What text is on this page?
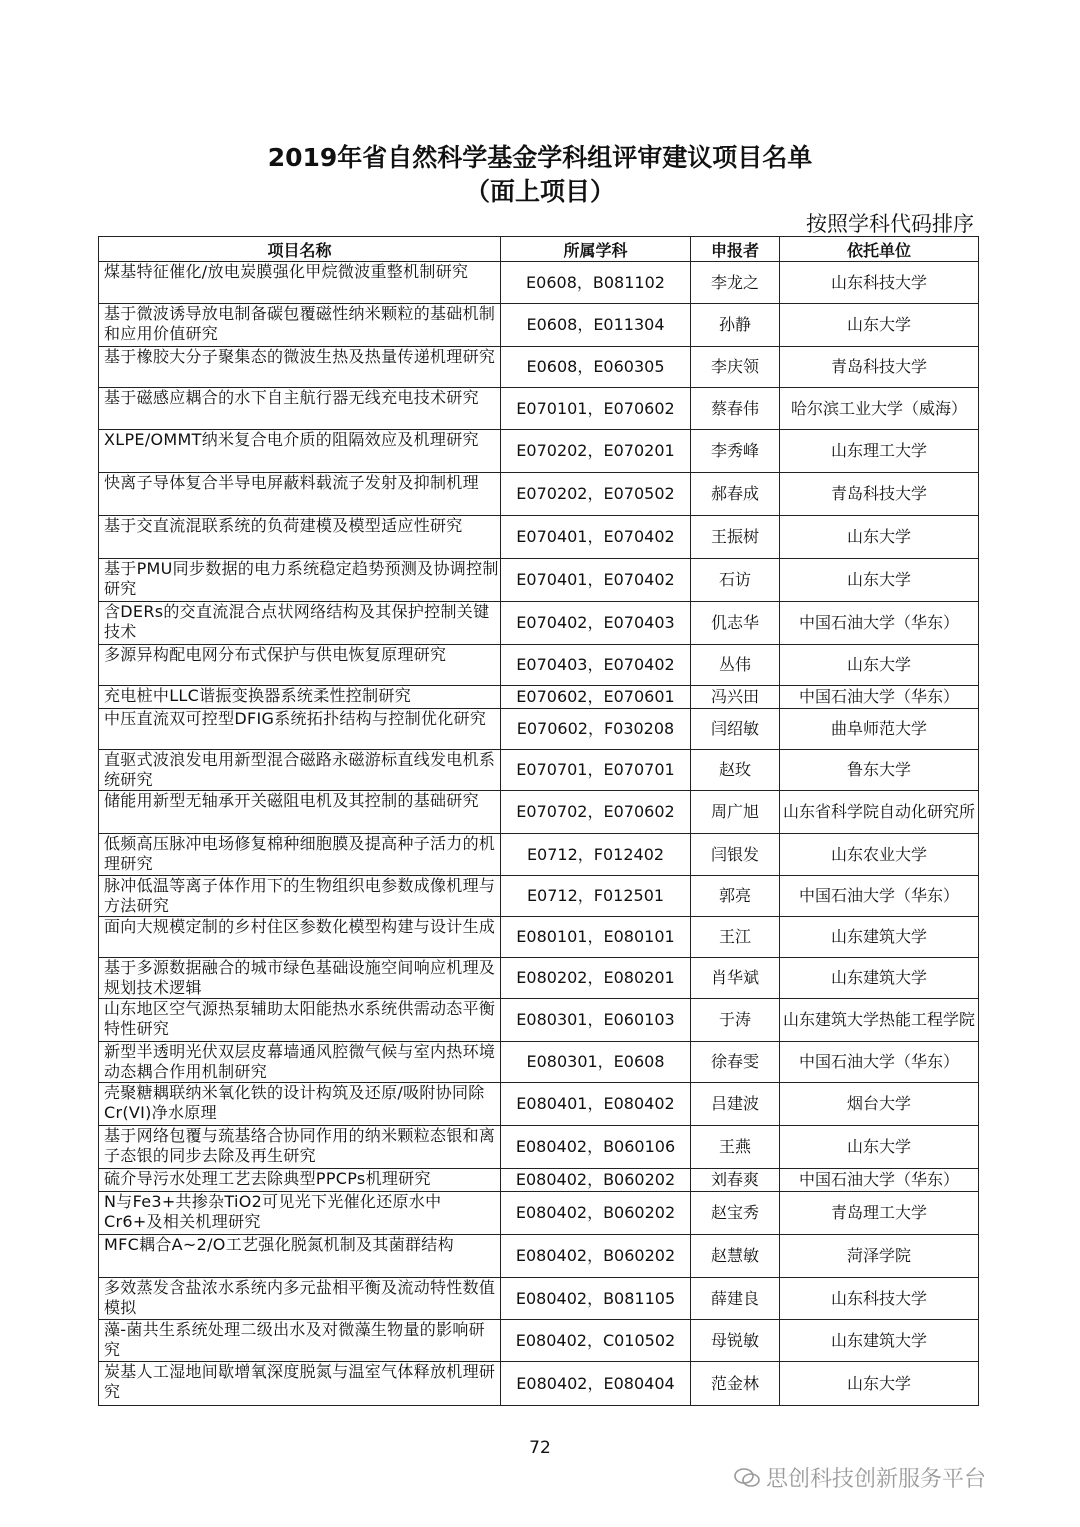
2019年省自然科学基金学科组评审建议项目名单
（面上项目）
按照学科代码排序
项目名称	所属学科	申报者	依托单位
煤基特征催化/放电炭膜强化甲烷微波重整机制研究	E0608，B081102	李龙之	山东科技大学
基于微波诱导放电制备碳包覆磁性纳米颗粒的基础机制和应用价值研究	E0608，E011304	孙静	山东大学
基于橡胶大分子聚集态的微波生热及热量传递机理研究	E0608，E060305	李庆领	青岛科技大学
基于磁感应耦合的水下自主航行器无线充电技术研究	E070101，E070602	蔡春伟	哈尔滨工业大学（威海）
XLPE/OMMT纳米复合电介质的阻隔效应及机理研究	E070202，E070201	李秀峰	山东理工大学
快离子导体复合半导电屏蔽料载流子发射及抑制机理	E070202，E070502	郝春成	青岛科技大学
基于交直流混联系统的负荷建模及模型适应性研究	E070401，E070402	王振树	山东大学
基于PMU同步数据的电力系统稳定趋势预测及协调控制研究	E070401，E070402	石访	山东大学
含DERs的交直流混合点状网络结构及其保护控制关键技术	E070402，E070403	仉志华	中国石油大学（华东）
多源异构配电网分布式保护与供电恢复原理研究	E070403，E070402	丛伟	山东大学
充电桩中LLC谐振变换器系统柔性控制研究	E070602，E070601	冯兴田	中国石油大学（华东）
中压直流双可控型DFIG系统拓扑结构与控制优化研究	E070602，F030208	闫绍敏	曲阜师范大学
直驱式波浪发电用新型混合磁路永磁游标直线发电机系统研究	E070701，E070701	赵玫	鲁东大学
储能用新型无轴承开关磁阻电机及其控制的基础研究	E070702，E070602	周广旭	山东省科学院自动化研究所
低频高压脉冲电场修复棉种细胞膜及提高种子活力的机理研究	E0712，F012402	闫银发	山东农业大学
脉冲低温等离子体作用下的生物组织电参数成像机理与方法研究	E0712，F012501	郭亮	中国石油大学（华东）
面向大规模定制的乡村住区参数化模型构建与设计生成	E080101，E080101	王江	山东建筑大学
基于多源数据融合的城市绿色基础设施空间响应机理及规划技术逻辑	E080202，E080201	肖华斌	山东建筑大学
山东地区空气源热泵辅助太阳能热水系统供需动态平衡特性研究	E080301，E060103	于涛	山东建筑大学热能工程学院
新型半透明光伏双层皮幕墙通风腔微气候与室内热环境动态耦合作用机制研究	E080301，E0608	徐春雯	中国石油大学（华东）
壳聚糖耦联纳米氧化铁的设计构筑及还原/吸附协同除Cr(VI)净水原理	E080401，E080402	吕建波	烟台大学
基于网络包覆与巯基络合协同作用的纳米颗粒态银和离子态银的同步去除及再生研究	E080402，B060106	王燕	山东大学
硫介导污水处理工艺去除典型PPCPs机理研究	E080402，B060202	刘春爽	中国石油大学（华东）
N与Fe3+共掺杂TiO2可见光下光催化还原水中Cr6+及相关机理研究	E080402，B060202	赵宝秀	青岛理工大学
MFC耦合A~2/O工艺强化脱氮机制及其菌群结构	E080402，B060202	赵慧敏	菏泽学院
多效蒸发含盐浓水系统内多元盐相平衡及流动特性数值模拟	E080402，B081105	薛建良	山东科技大学
藻-菌共生系统处理二级出水及对微藻生物量的影响研究	E080402，C010502	母锐敏	山东建筑大学
炭基人工湿地间歇增氧深度脱氮与温室气体释放机理研究	E080402，E080404	范金林	山东大学
72
思创科技创新服务平台
